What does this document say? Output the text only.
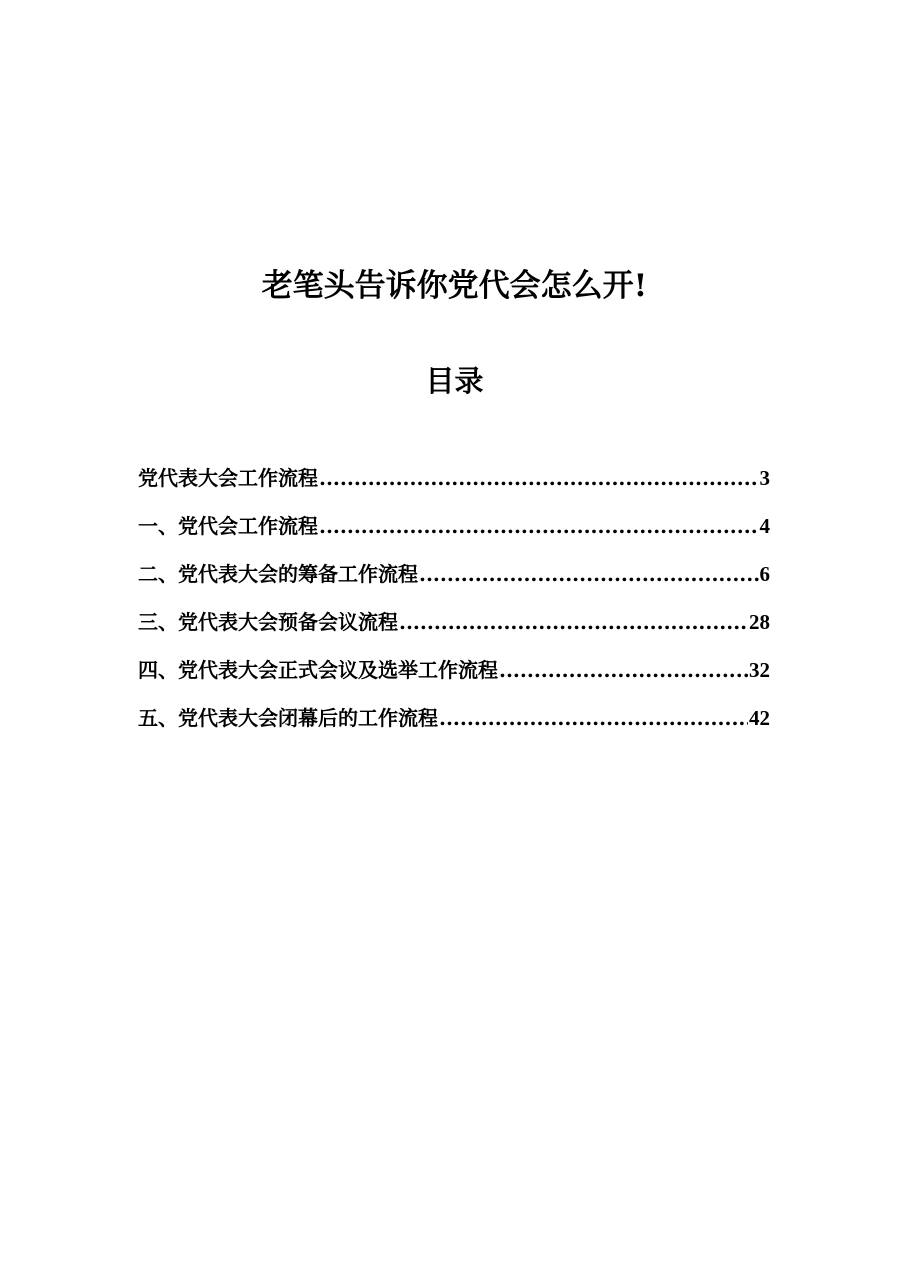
老笔头告诉你党代会怎么开!
目录
党代表大会工作流程 .....	3
一、党代会工作流程 .....	4
二、党代表大会的筹备工作流程 .....	6
三、党代表大会预备会议流程 .....	28
四、党代表大会正式会议及选举工作流程 .....	32
五、党代表大会闭幕后的工作流程 .....	42
